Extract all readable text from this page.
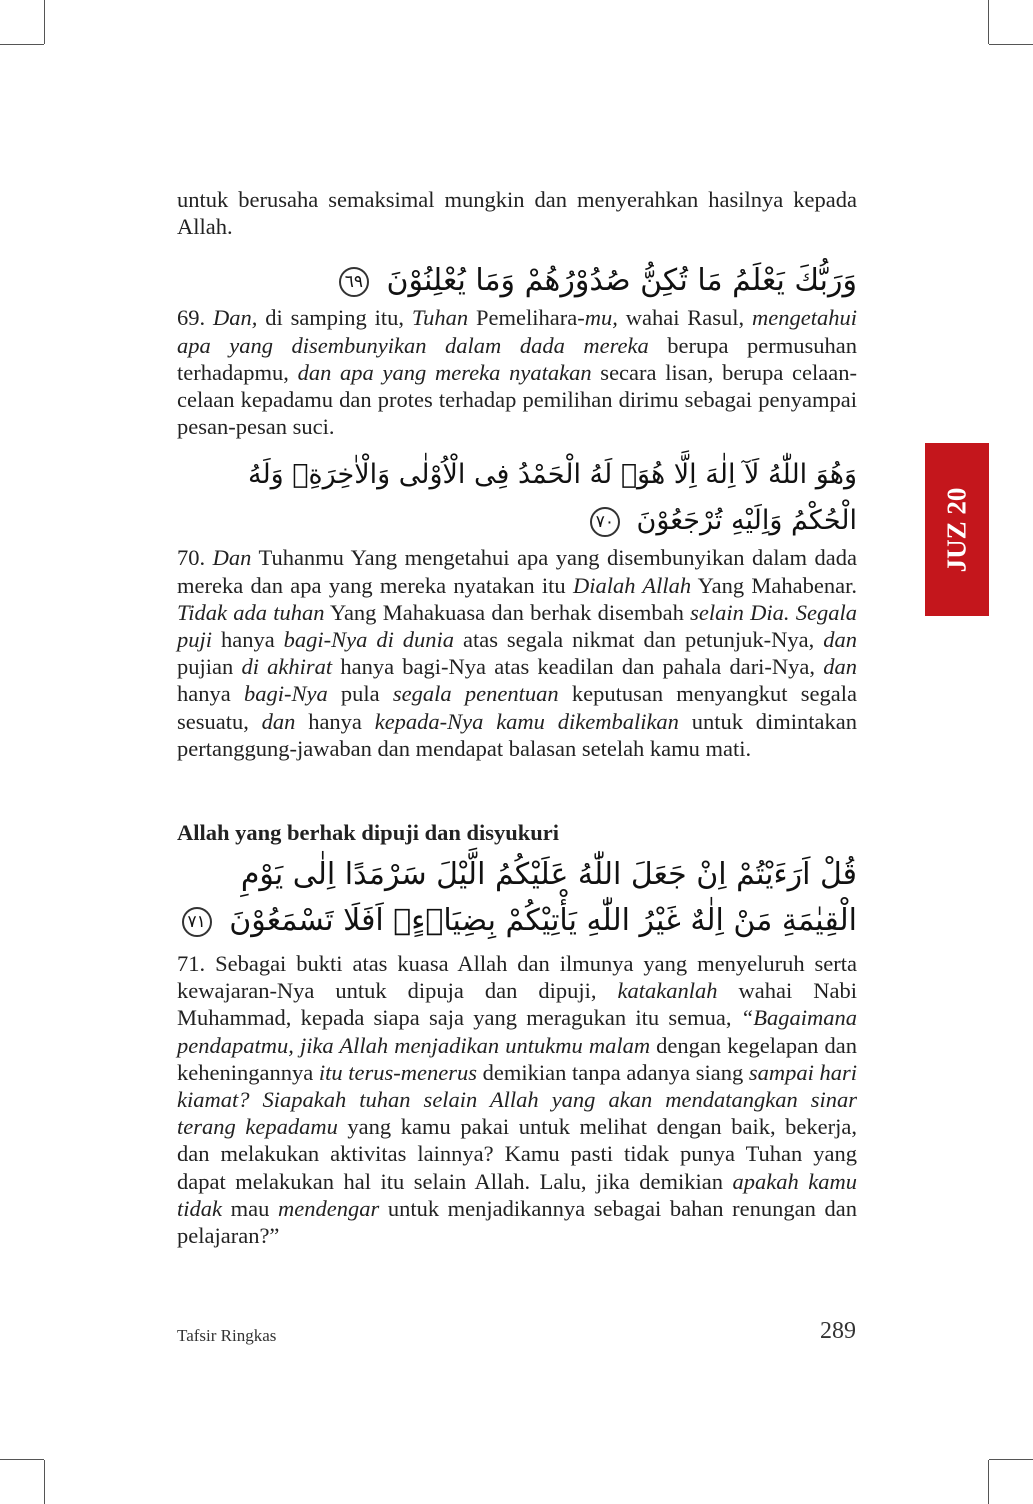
JUZ 20

untuk berusaha semaksimal mungkin dan menyerahkan hasilnya kepada Allah.

وَرَبُّكَ يَعْلَمُ مَا تُكِنُّ صُدُوْرُهُمْ وَمَا يُعْلِنُوْنَ ٦٩

69. Dan, di samping itu, Tuhan Pemelihara-mu, wahai Rasul, mengetahui apa yang disembunyikan dalam dada mereka berupa permusuhan terhadapmu, dan apa yang mereka nyatakan secara lisan, berupa celaan-celaan kepadamu dan protes terhadap pemilihan dirimu sebagai penyampai pesan-pesan suci.

وَهُوَ اللّٰهُ لَآ اِلٰهَ اِلَّا هُوَۗ لَهُ الْحَمْدُ فِى الْاُوْلٰى وَالْاٰخِرَةِۖ وَلَهُ الْحُكْمُ وَاِلَيْهِ تُرْجَعُوْنَ ٧٠

70. Dan Tuhanmu Yang mengetahui apa yang disembunyikan dalam dada mereka dan apa yang mereka nyatakan itu Dialah Allah Yang Mahabenar. Tidak ada tuhan Yang Mahakuasa dan berhak disembah selain Dia. Segala puji hanya bagi-Nya di dunia atas segala nikmat dan petunjuk-Nya, dan pujian di akhirat hanya bagi-Nya atas keadilan dan pahala dari-Nya, dan hanya bagi-Nya pula segala penentuan keputusan menyangkut segala sesuatu, dan hanya kepada-Nya kamu dikembalikan untuk dimintakan pertanggung-jawaban dan mendapat balasan setelah kamu mati.

Allah yang berhak dipuji dan disyukuri

قُلْ اَرَءَيْتُمْ اِنْ جَعَلَ اللّٰهُ عَلَيْكُمُ الَّيْلَ سَرْمَدًا اِلٰى يَوْمِ الْقِيٰمَةِ مَنْ اِلٰهٌ غَيْرُ اللّٰهِ يَأْتِيْكُمْ بِضِيَاۤءٍۗ اَفَلَا تَسْمَعُوْنَ ٧١

71. Sebagai bukti atas kuasa Allah dan ilmunya yang menyeluruh serta kewajaran-Nya untuk dipuja dan dipuji, katakanlah wahai Nabi Muhammad, kepada siapa saja yang meragukan itu semua, “Bagaimana pendapatmu, jika Allah menjadikan untukmu malam dengan kegelapan dan keheningannya itu terus-menerus demikian tanpa adanya siang sampai hari kiamat? Siapakah tuhan selain Allah yang akan mendatangkan sinar terang kepadamu yang kamu pakai untuk melihat dengan baik, bekerja, dan melakukan aktivitas lainnya? Kamu pasti tidak punya Tuhan yang dapat melakukan hal itu selain Allah. Lalu, jika demikian apakah kamu tidak mau mendengar untuk menjadikannya sebagai bahan renungan dan pelajaran?”

Tafsir Ringkas	289
